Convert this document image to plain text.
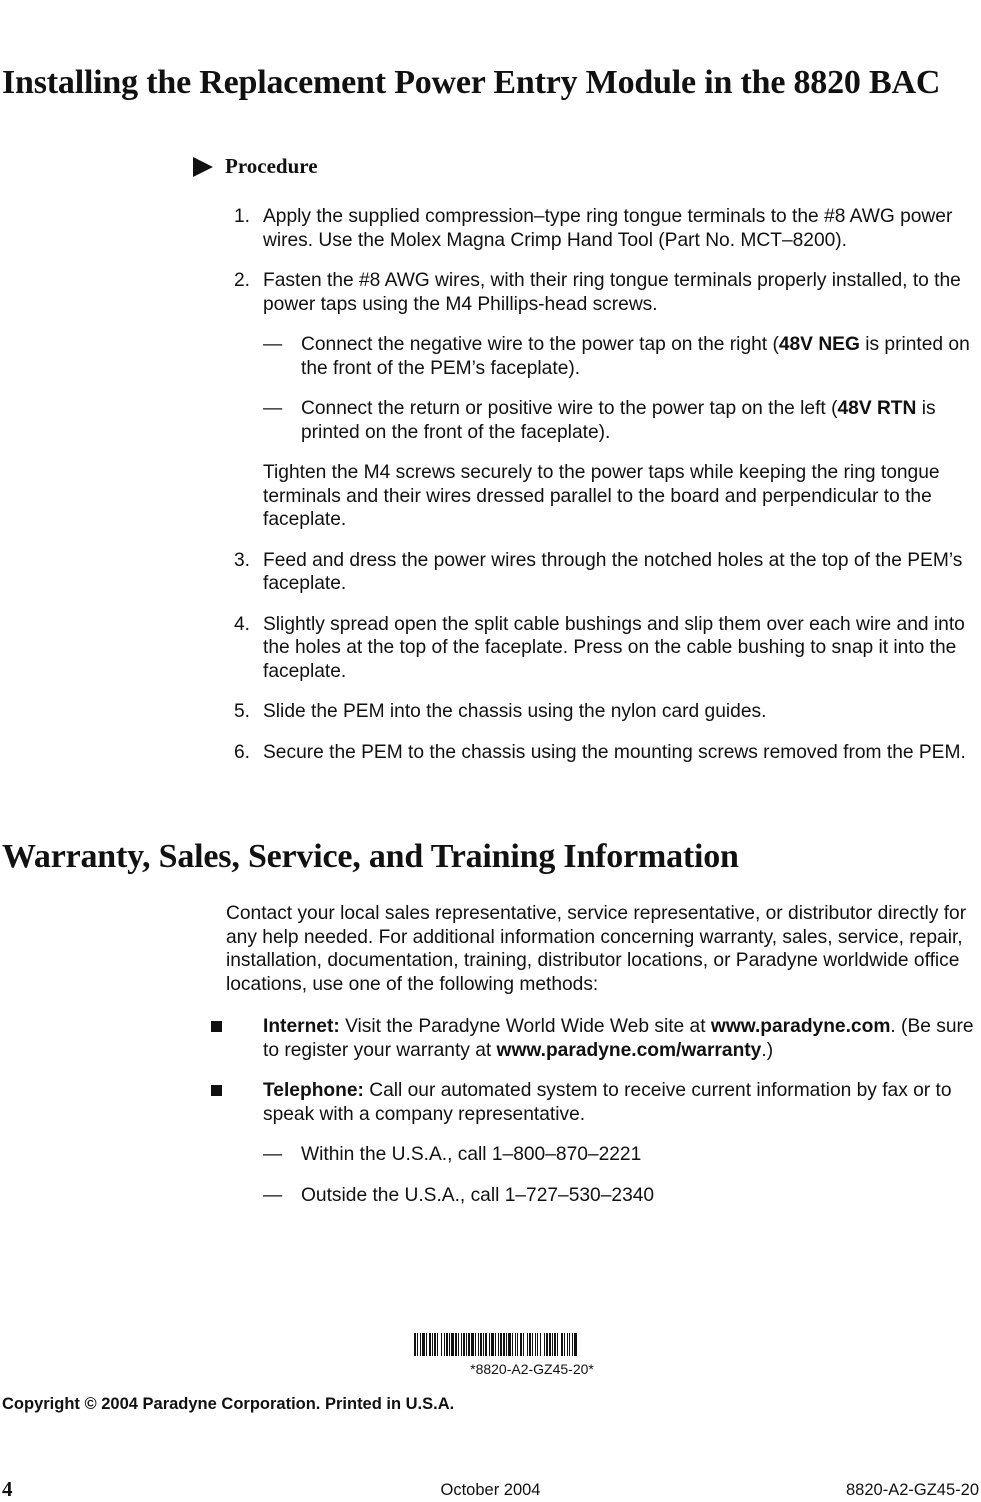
Installing the Replacement Power Entry Module in the 8820 BAC
Procedure
1. Apply the supplied compression–type ring tongue terminals to the #8 AWG power wires. Use the Molex Magna Crimp Hand Tool (Part No. MCT–8200).
2. Fasten the #8 AWG wires, with their ring tongue terminals properly installed, to the power taps using the M4 Phillips-head screws.
— Connect the negative wire to the power tap on the right (48V NEG is printed on the front of the PEM’s faceplate).
— Connect the return or positive wire to the power tap on the left (48V RTN is printed on the front of the faceplate).

Tighten the M4 screws securely to the power taps while keeping the ring tongue terminals and their wires dressed parallel to the board and perpendicular to the faceplate.

3. Feed and dress the power wires through the notched holes at the top of the PEM’s faceplate.
4. Slightly spread open the split cable bushings and slip them over each wire and into the holes at the top of the faceplate. Press on the cable bushing to snap it into the faceplate.
5. Slide the PEM into the chassis using the nylon card guides.
6. Secure the PEM to the chassis using the mounting screws removed from the PEM.
Warranty, Sales, Service, and Training Information

Contact your local sales representative, service representative, or distributor directly for any help needed. For additional information concerning warranty, sales, service, repair, installation, documentation, training, distributor locations, or Paradyne worldwide office locations, use one of the following methods:

Internet: Visit the Paradyne World Wide Web site at www.paradyne.com. (Be sure to register your warranty at www.paradyne.com/warranty.)
Telephone: Call our automated system to receive current information by fax or to speak with a company representative.
— Within the U.S.A., call 1–800–870–2221
— Outside the U.S.A., call 1–727–530–2340
*8820-A2-GZ45-20*
Copyright © 2004 Paradyne Corporation. Printed in U.S.A.
4	October 2004	8820-A2-GZ45-20
